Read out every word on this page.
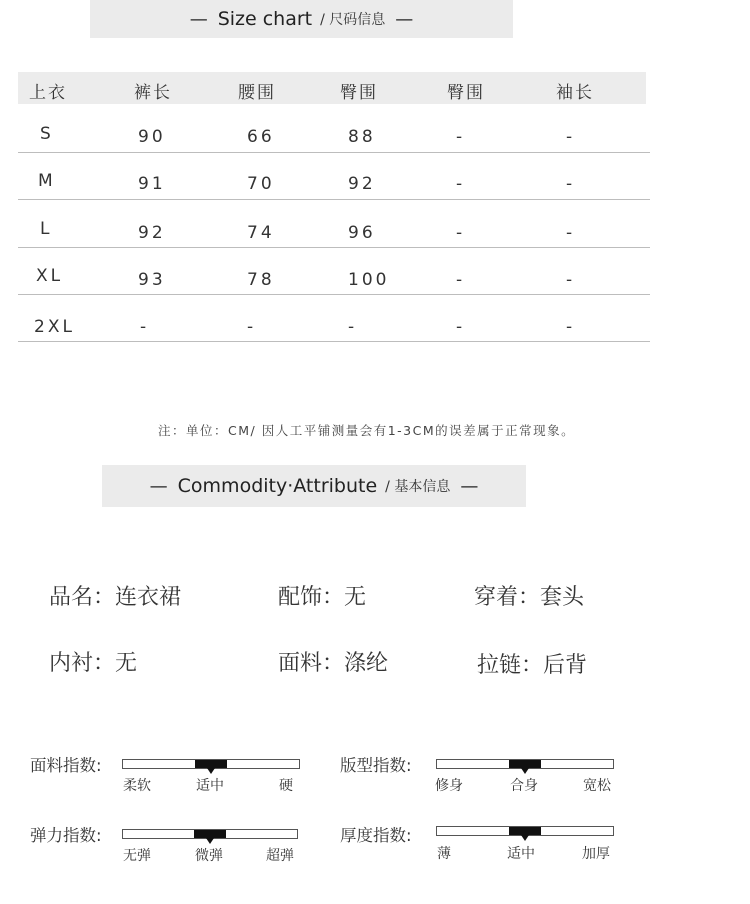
— Size chart / 尺码信息 —
上衣	裤长	腰围	臀围	臀围	袖长
S	90	66	88	-	-
M	91	70	92	-	-
L	92	74	96	-	-
XL	93	78	100	-	-
2XL	-	-	-	-	-
注：单位：CM/ 因人工平铺测量会有1-3CM的误差属于正常现象。
— Commodity·Attribute / 基本信息 —
品名：连衣裙	配饰：无	穿着：套头
内衬：无	面料：涤纶	拉链：后背
面料指数:
柔软	适中	硬
版型指数:
修身	合身	宽松
弹力指数:
无弹	微弹	超弹
厚度指数:
薄	适中	加厚
